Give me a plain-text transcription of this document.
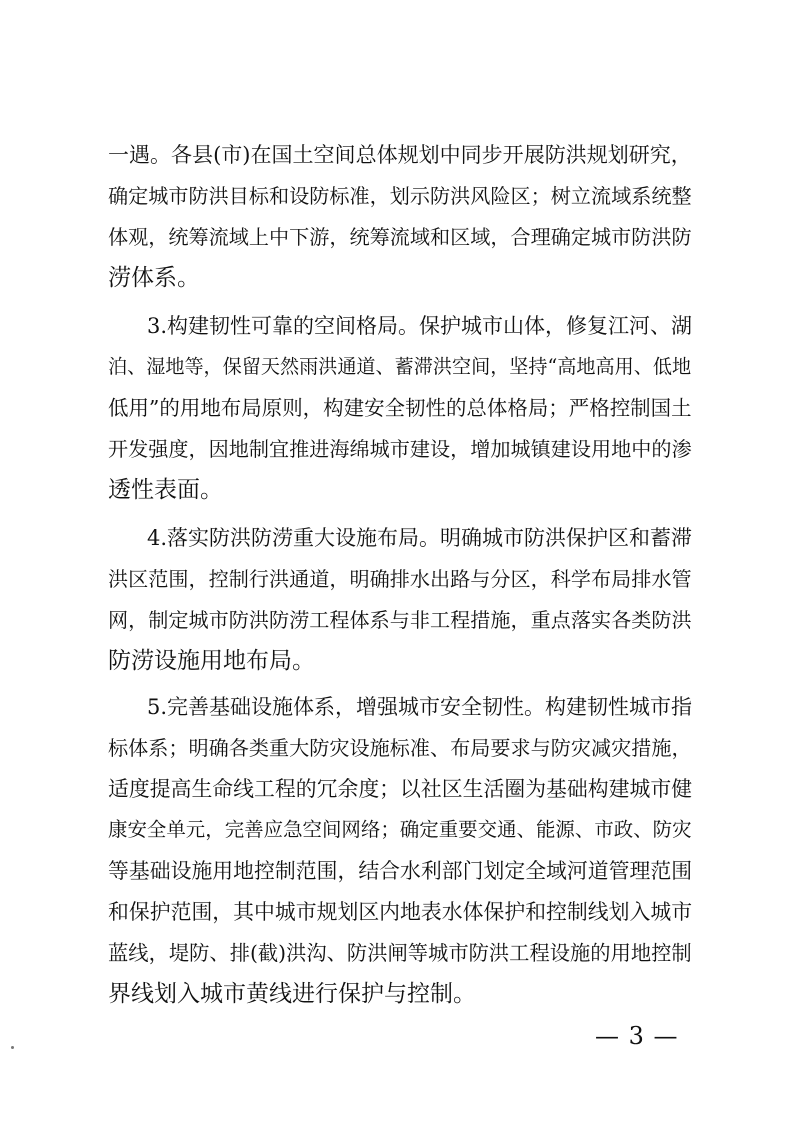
一遇。各县(市)在国土空间总体规划中同步开展防洪规划研究，
确定城市防洪目标和设防标准，划示防洪风险区；树立流域系统整
体观，统筹流域上中下游，统筹流域和区域，合理确定城市防洪防
涝体系。
3.构建韧性可靠的空间格局。保护城市山体，修复江河、湖
泊、湿地等，保留天然雨洪通道、蓄滞洪空间，坚持“高地高用、低地
低用”的用地布局原则，构建安全韧性的总体格局；严格控制国土
开发强度，因地制宜推进海绵城市建设，增加城镇建设用地中的渗
透性表面。
4.落实防洪防涝重大设施布局。明确城市防洪保护区和蓄滞
洪区范围，控制行洪通道，明确排水出路与分区，科学布局排水管
网，制定城市防洪防涝工程体系与非工程措施，重点落实各类防洪
防涝设施用地布局。
5.完善基础设施体系，增强城市安全韧性。构建韧性城市指
标体系；明确各类重大防灾设施标准、布局要求与防灾减灾措施，
适度提高生命线工程的冗余度；以社区生活圈为基础构建城市健
康安全单元，完善应急空间网络；确定重要交通、能源、市政、防灾
等基础设施用地控制范围，结合水利部门划定全域河道管理范围
和保护范围，其中城市规划区内地表水体保护和控制线划入城市
蓝线，堤防、排(截)洪沟、防洪闸等城市防洪工程设施的用地控制
界线划入城市黄线进行保护与控制。
— 3 —
